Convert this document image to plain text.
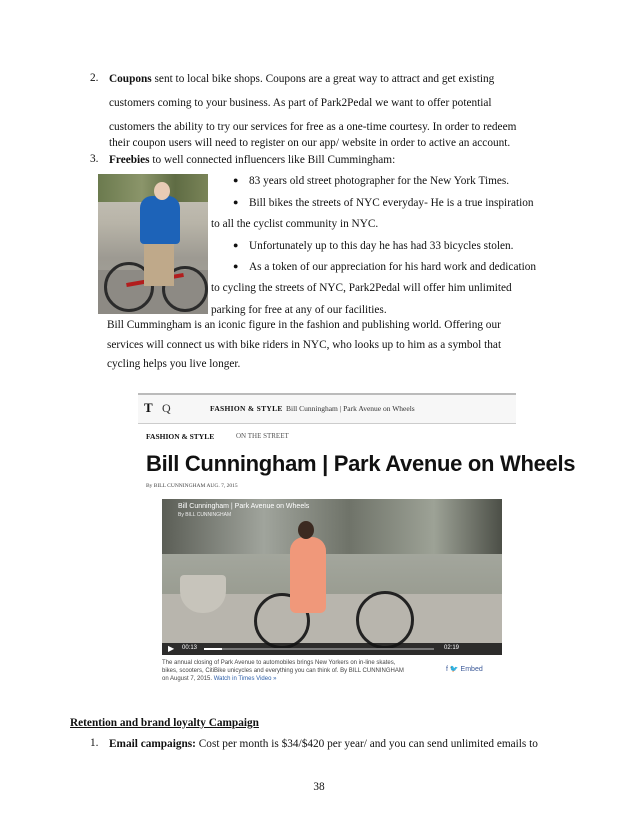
2. Coupons sent to local bike shops. Coupons are a great way to attract and get existing
customers coming to your business. As part of Park2Pedal we want to offer potential
customers the ability to try our services for free as a one-time courtesy. In order to redeem
their coupon users will need to register on our app/ website in order to active an account.
3. Freebies to well connected influencers like Bill Cummingham:
● 83 years old street photographer for the New York Times.
● Bill bikes the streets of NYC everyday- He is a true inspiration
to all the cyclist community in NYC.
● Unfortunately up to this day he has had 33 bicycles stolen.
● As a token of our appreciation for his hard work and dedication
to cycling the streets of NYC, Park2Pedal will offer him unlimited
parking for free at any of our facilities.
Bill Cummingham is an iconic figure in the fashion and publishing world. Offering our
services will connect us with bike riders in NYC, who looks up to him as a symbol that
cycling helps you live longer.
T Q	FASHION & STYLE Bill Cunningham | Park Avenue on Wheels
FASHION & STYLE	ON THE STREET
Bill Cunningham | Park Avenue on Wheels
By BILL CUNNINGHAM AUG. 7, 2015
Bill Cunningham | Park Avenue on Wheels
By BILL CUNNINGHAM
▶ 00:13	02:19
The annual closing of Park Avenue to automobiles brings New Yorkers on in-line skates, bikes, scooters, CitiBike unicycles and everything you can think of. By BILL CUNNINGHAM on August 7, 2015. Watch in Times Video »
f 🐦 Embed
Retention and brand loyalty Campaign
1. Email campaigns: Cost per month is $34/$420 per year/ and you can send unlimited emails to
38
